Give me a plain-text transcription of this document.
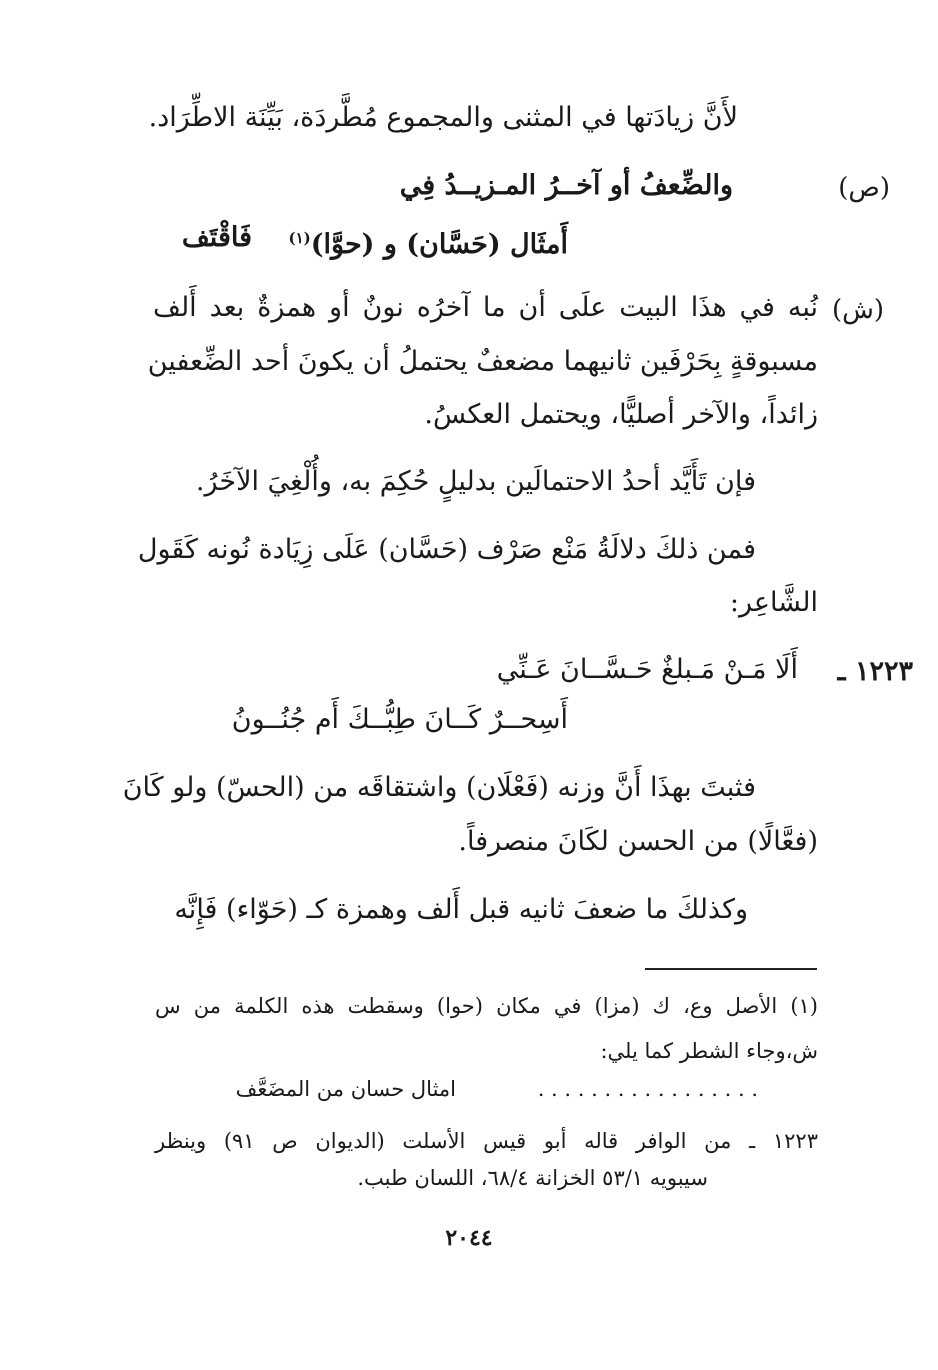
لأَنَّ زيادَتها في المثنى والمجموع مُطَّردَة، بَيِّنَة الاطِّرَاد.
(ص)
والضِّعفُ أو آخــرُ المـزيــدُ فِي
أَمثَال (حَسَّان) و (حوَّا)$^{(١)}$
فَاقْتَف
(ش)
نُبه في هذَا البيت علَى أن ما آخرُه نونٌ أو همزةٌ بعد أَلف
مسبوقةٍ بِحَرْفَين ثانيهما مضعفٌ يحتملُ أن يكونَ أحد الضِّعفين
زائداً، والآخر أصليًّا، ويحتمل العكسُ.
فإن تَأَيَّد أحدُ الاحتمالَين بدليلٍ حُكِمَ به، وأُلْغِيَ الآخَرُ.
فمن ذلكَ دلالَةُ مَنْع صَرْف (حَسَّان) عَلَى زِيَادة نُونه كَقَول
الشَّاعِر:
١٢٢٣ ـ
أَلَا مَـنْ مَـبلغٌ حَـسَّــانَ عَـنِّي
أَسِحــرٌ كَــانَ طِبُّــكَ أَم جُنُــونُ
فثبتَ بهذَا أَنَّ وزنه (فَعْلَان) واشتقاقَه من (الحسّ) ولو كَانَ
(فعَّالًا) من الحسن لكَانَ منصرفاً.
وكذلكَ ما ضعفَ ثانيه قبل أَلف وهمزة كـ (حَوّاء) فَإِنَّه
(١) الأصل وع، ك (مزا) في مكان (حوا) وسقطت هذه الكلمة من س
ش،وجاء الشطر كما يلي:
. . . . . . . . . . . . . . . . .
امثال حسان من المضَعَّف
١٢٢٣ ـ من الوافر قاله أبو قيس الأسلت (الديوان ص ٩١) وينظر
سيبويه ٥٣/١ الخزانة ٦٨/٤، اللسان طبب.
٢٠٤٤
